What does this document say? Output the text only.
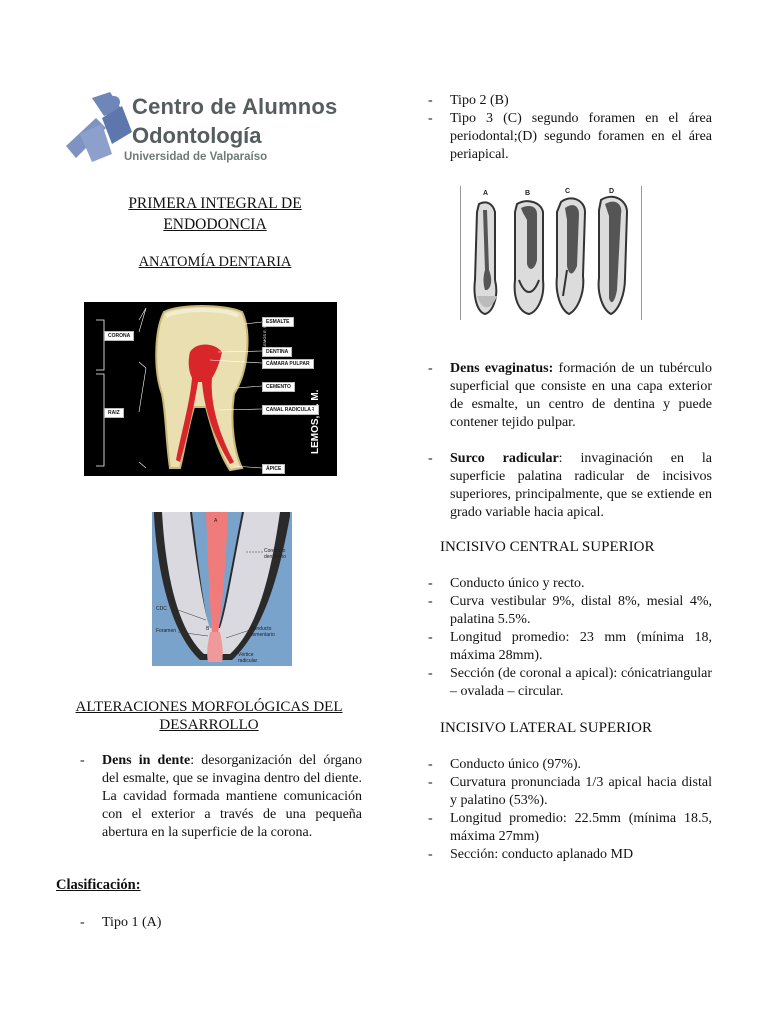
Centro de Alumnos
Odontología
Universidad de Valparaíso
PRIMERA INTEGRAL DE ENDODONCIA
ANATOMÍA DENTARIA
CORONA
RAIZ
ESMALTE
DENTINA
CÁMARA PULPAR
CEMENTO
CANAL RADICULAR
ÁPICE
LEMOS, E. M.
LEMOS E. M.
A
B
Conducto dentinario
CDC
Foramen	Conducto cementario
Vértice radicular
ALTERACIONES MORFOLÓGICAS DEL DESARROLLO
- Dens in dente: desorganización del órgano del esmalte, que se invagina dentro del diente. La cavidad formada mantiene comunicación con el exterior a través de una pequeña abertura en la superficie de la corona.
Clasificación:
- Tipo 1 (A)
- Tipo 2 (B)
- Tipo 3 (C) segundo foramen en el área periodontal;(D) segundo foramen en el área periapical.
A	B	C	D
- Dens evaginatus: formación de un tubérculo superficial que consiste en una capa exterior de esmalte, un centro de dentina y puede contener tejido pulpar.
- Surco radicular: invaginación en la superficie palatina radicular de incisivos superiores, principalmente, que se extiende en grado variable hacia apical.
INCISIVO CENTRAL SUPERIOR
- Conducto único y recto.
- Curva vestibular 9%, distal 8%, mesial 4%, palatina 5.5%.
- Longitud promedio: 23 mm (mínima 18, máxima 28mm).
- Sección (de coronal a apical): cónicatriangular – ovalada – circular.
INCISIVO LATERAL SUPERIOR
- Conducto único (97%).
- Curvatura pronunciada 1/3 apical hacia distal y palatino (53%).
- Longitud promedio: 22.5mm (mínima 18.5, máxima 27mm)
- Sección: conducto aplanado MD
